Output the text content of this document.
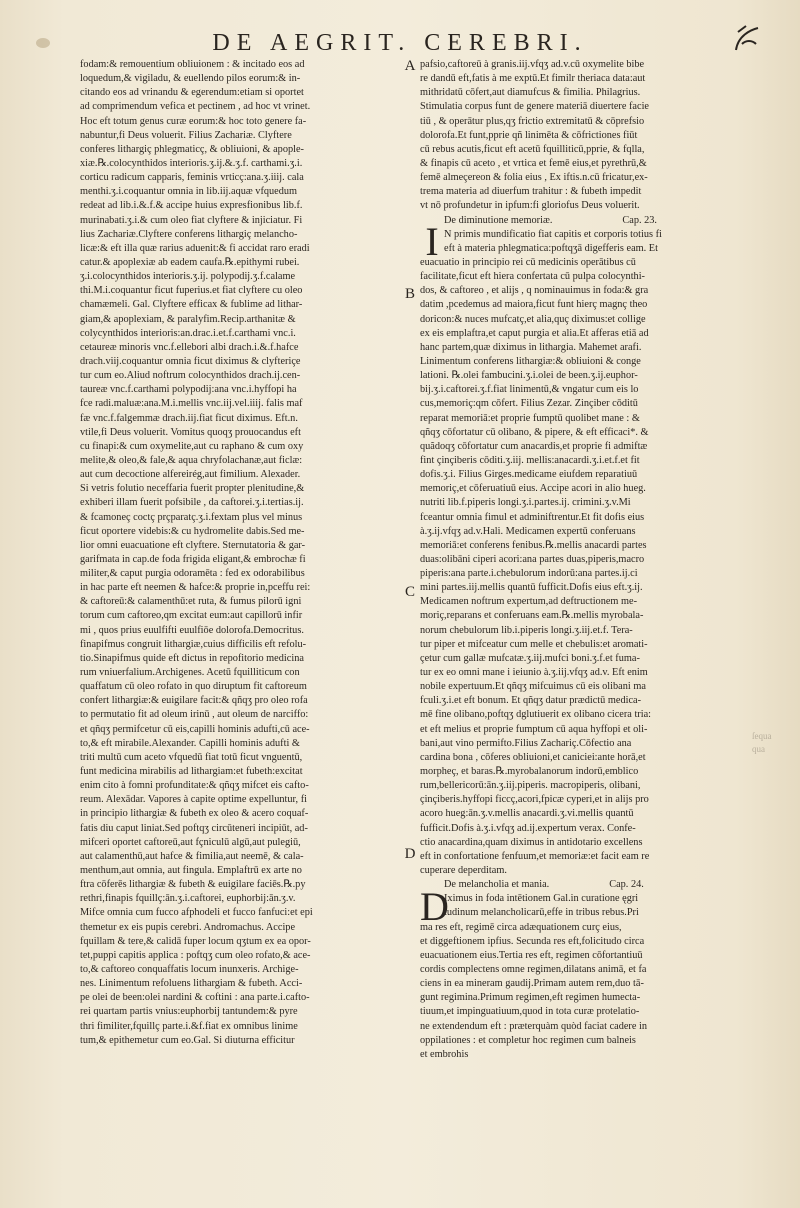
DE AEGRIT. CEREBRI.
fodam:& remouentium obliuionem : & incitado eos ad
loquedum,& vigiladu, & euellendo pilos eorum:& in-
citando eos ad vrinandu & egerendum:etiam si oportet
ad comprimendum vefica et pectinem , ad hoc vt vrinet.
Hoc eft totum genus curæ eorum:& hoc toto genere fa-
nabuntur,fi Deus voluerit. Filius Zachariæ. Clyftere
conferes lithargiç phlegmaticç, & obliuioni, & apople-
xiæ.℞.colocynthidos interioris.ʒ.ij.&.ʒ.f. carthami.ʒ.i.
corticu radicum capparis, feminis vrticç:ana.ʒ.iiij. cala
menthi.ʒ.i.coquantur omnia in lib.iij.aquæ vfquedum
redeat ad lib.i.&.f.& accipe huius expresfionibus lib.f.
murinabati.ʒ.i.& cum oleo fiat clyftere & injiciatur. Fi
lius Zachariæ.Clyftere conferens lithargiç melancho-
licæ:& eft illa quæ rarius aduenit:& fi accidat raro eradi
catur.& apoplexiæ ab eadem caufa.℞.epithymi rubei.
ʒ.i.colocynthidos interioris.ʒ.ij. polypodij.ʒ.f.calame
thi.M.i.coquantur ficut fuperius.et fiat clyftere cu oleo
chamæmeli. Gal. Clyftere efficax & fublime ad lithar-
giam,& apoplexiam, & paralyfim.Recip.arthanitæ &
colycynthidos interioris:an.drac.i.et.f.carthami vnc.i.
cetaureæ minoris vnc.f.ellebori albi drach.i.&.f.hafce
drach.viij.coquantur omnia ficut diximus & clyfteriçe
tur cum eo.Aliud noftrum colocynthidos drach.ij.cen-
taureæ vnc.f.carthami polypodij:ana vnc.i.hyffopi ha
fce radi.maluæ:ana.M.i.mellis vnc.iij.vel.iiij. falis maf
fæ vnc.f.falgemmæ drach.iij.fiat ficut diximus. Eft.n.
vtile,fi Deus voluerit. Vomitus quoqʒ prouocandus eft
cu finapi:& cum oxymelite,aut cu raphano & cum oxy
melite,& oleo,& fale,& aqua chryfolachanæ,aut ficlæ:
aut cum decoctione alfereirég,aut fimilium. Alexader.
Si vetris folutio neceffaria fuerit propter plenitudine,&
exhiberi illam fuerit pofsibile , da caftorei.ʒ.i.tertias.ij.
& fcamoneç coctç prçparatç.ʒ.i.fextam plus vel minus
ficut oportere videbis:& cu hydromelite dabis.Sed me-
lior omni euacuatione eft clyftere. Sternutatoria & gar-
garifmata in cap.de foda frigida eligant,& embrochæ fi
militer,& caput purgia odoramēta : fed ex odorabilibus
in hac parte eft neemen & hafce:& proprie in,pceffu rei:
& caftoreū:& calamenthū:et ruta, & fumus pilorū igni
torum cum caftoreo,qm excitat eum:aut capillorū infir
mi , quos prius euulfifti euulfiōe dolorofa.Democritus.
finapifmus congruit lithargiæ,cuius difficilis eft refolu-
tio.Sinapifmus quide eft dictus in repofitorio medicina
rum vniuerfalium.Archigenes. Acetū fquilliticum con
quaffatum cū oleo rofato in quo diruptum fit caftoreum
confert lithargiæ:& euigilare facit:& qñqʒ pro oleo rofa
to permutatio fit ad oleum irinū , aut oleum de narciffo:
et qñqʒ permifcetur cū eis,capilli hominis adufti,cū ace-
to,& eft mirabile.Alexander. Capilli hominis adufti &
triti multū cum aceto vfquedū fiat totū ficut vnguentū,
funt medicina mirabilis ad lithargiam:et fubeth:excitat
enim cito à fomni profunditate:& qñqʒ mifcet eis cafto-
reum. Alexādar. Vapores à capite optime expelluntur, fi
in principio lithargiæ & fubeth ex oleo & acero coquaf-
fatis diu caput liniat.Sed poftqʒ circūteneri incipiūt, ad-
mifceri oportet caftoreū,aut fçniculū algū,aut pulegiū,
aut calamenthū,aut hafce & fimilia,aut neemē, & cala-
menthum,aut omnia, aut fingula. Emplaftrū ex arte no
ftra cōferēs lithargiæ & fubeth & euigilare faciēs.℞.py
rethri,finapis fquillç:ān.ʒ.i.caftorei, euphorbij:ān.ʒ.v.
Mifce omnia cum fucco afphodeli et fucco fanfuci:et epi
themetur ex eis pupis cerebri. Andromachus. Accipe
fquillam & tere,& calidā fuper locum qʒtum ex ea opor-
tet,puppi capitis applica : poftqʒ cum oleo rofato,& ace-
to,& caftoreo conquaffatis locum inunxeris. Archige-
nes. Linimentum refoluens lithargiam & fubeth. Acci-
pe olei de been:olei nardini & coftini : ana parte.i.cafto-
rei quartam partis vnius:euphorbij tantundem:& pyre
thri fimiliter,fquillç parte.i.&f.fiat ex omnibus linime
tum,& epithemetur cum eo.Gal. Si diuturna efficitur
A
B
C
D
pafsio,caftoreū à granis.iij.vfqʒ ad.v.cū oxymelite bibe
re dandū eft,fatis à me exptū.Et fimilr theriaca data:aut
mithridatū cōfert,aut diamufcus & fimilia. Philagrius.
Stimulatia corpus funt de genere materiā diuertere facie
tiū , & operātur plus,qʒ frictio extremitatū & cōprefsio
dolorofa.Et funt,pprie qñ linimēta & cōfrictiones fiūt
cū rebus acutis,ficut eft acetū fquilliticū,pprie, & fqlla,
& finapis cū aceto , et vrtica et femē eius,et pyrethrū,&
femē almeçereon & folia eius , Ex iftis.n.cū fricatur,ex-
trema materia ad diuerfum trahitur : & fubeth impedit
vt nō profundetur in ipfum:fi gloriofus Deus voluerit.
De diminutione memoriæ.	Cap. 23.
N primis mundificatio fiat capitis et corporis totius fi
eft à materia phlegmatica:poftqʒā digefferis eam. Et
euacuatio in principio rei cū medicinis operātibus cū
facilitate,ficut eft hiera confertata cū pulpa colocynthi-
dos, & caftoreo , et alijs , q nominauimus in foda:& gra
datim ,pcedemus ad maiora,ficut funt hierç magnç theo
doricon:& nuces mufcatç,et alia,quç diximus:et collige
ex eis emplaftra,et caput purgia et alia.Et afferas etiā ad
hanc partem,quæ diximus in lithargia. Mahemet arafi.
Linimentum conferens lithargiæ:& obliuioni & conge
lationi. ℞.olei fambucini.ʒ.i.olei de been.ʒ.ij.euphor-
bij.ʒ.i.caftorei.ʒ.f.fiat linimentū,& vngatur cum eis lo
cus,memoriç:qm cōfert. Filius Zezar. Zinçiber cōditū
reparat memoriā:et proprie fumptū quolibet mane : &
qñqʒ cōfortatur cū olibano, & pipere, & eft efficaci*. &
quãdoqʒ cōfortatur cum anacardis,et proprie fi admiftæ
fint çinçiberis cōditi.ʒ.iij. mellis:anacardi.ʒ.i.et.f.et fit
dofis.ʒ.i. Filius Girges.medicame eiufdem reparatiuū
memoriç,et cōferuatiuū eius. Accipe acori in alio hueg.
nutriti lib.f.piperis longi.ʒ.i.partes.ij. crimini.ʒ.v.Mi
fceantur omnia fimul et adminiftrentur.Et fit dofis eius
à.ʒ.ij.vfqʒ ad.v.Hali. Medicamen expertū conferuans
memoriā:et conferens fenibus.℞.mellis anacardi partes
duas:olibāni ciperi acori:ana partes duas,piperis,macro
piperis:ana parte.i.chebulorum indorū:ana partes.ij.ci
mini partes.iij.mellis quantū fufficit.Dofis eius eft.ʒ.ij.
Medicamen noftrum expertum,ad deftructionem me-
moriç,reparans et conferuans eam.℞.mellis myrobala-
norum chebulorum lib.i.piperis longi.ʒ.iij.et.f. Tera-
tur piper et mifceatur cum melle et chebulis:et aromati-
çetur cum gallæ mufcatæ.ʒ.iij.mufci boni.ʒ.f.et fuma-
tur ex eo omni mane i ieiunio à.ʒ.iij.vfqʒ ad.v. Eft enim
nobile expertuum.Et qñqʒ mifcuimus cū eis olibani ma
fculi.ʒ.i.et eft bonum. Et qñqʒ datur prædictū medica-
mē fine olibano,poftqʒ dglutiuerit ex olibano cicera tria:
et eft melius et proprie fumptum cū aqua hyffopi et oli-
bani,aut vino permifto.Filius Zachariç.Cōfectio ana
cardina bona , cōferes obliuioni,et caniciei:ante horā,et
morpheç, et baras.℞.myrobalanorum indorū,emblico
rum,bellericorū:ān.ʒ.iij.piperis. macropiperis, olibani,
çinçiberis.hyffopi ficcç,acori,fpicæ cyperi,et in alijs pro
acoro hueg:ān.ʒ.v.mellis anacardi.ʒ.vi.mellis quantū
fufficit.Dofis à.ʒ.i.vfqʒ ad.ij.expertum verax. Confe-
ctio anacardina,quam diximus in antidotario excellens
eft in confortatione fenfuum,et memoriæ:et facit eam re
cuperare deperditam.
De melancholia et mania.	Cap. 24.
Iximus in foda intētionem Gal.in curatione ęgri
tudinum melancholicarū,effe in tribus rebus.Pri
ma res eft, regimē circa adæquationem curç eius,
et diggeftionem ipfius. Secunda res eft,folicitudo circa
euacuationem eius.Tertia res eft, regimen cōfortantiuū
cordis complectens omne regimen,dilatans animā, et fa
ciens in ea mineram gaudij.Primam autem rem,duo tā-
gunt regimina.Primum regimen,eft regimen humecta-
tiuum,et impinguatiuum,quod in tota curæ protelatio-
ne extendendum eft : præterquàm quòd faciat cadere in
oppilationes : et completur hoc regimen cum balneis
et embrohis
ſequa
qua
I
D
